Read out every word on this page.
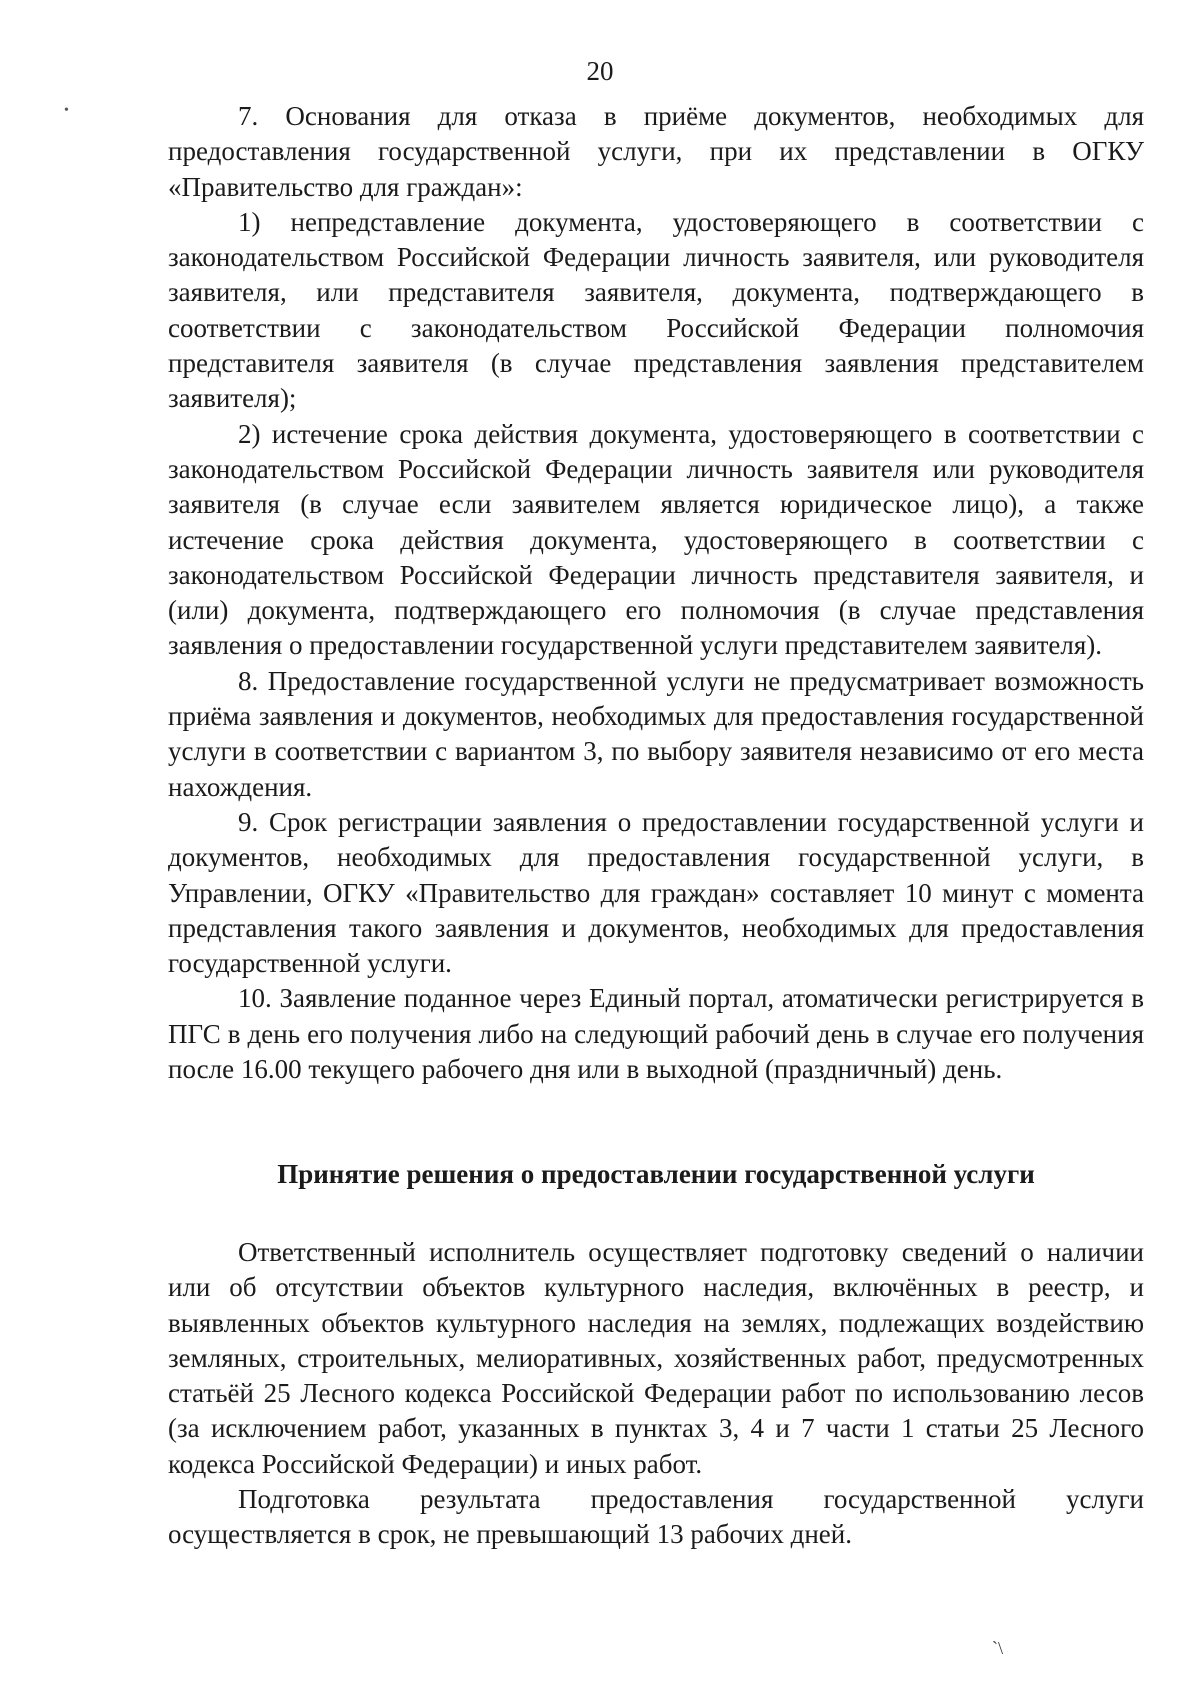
•
20

7. Основания для отказа в приёме документов, необходимых для предоставления государственной услуги, при их представлении в ОГКУ «Правительство для граждан»:

1) непредставление документа, удостоверяющего в соответствии с законодательством Российской Федерации личность заявителя, или руководителя заявителя, или представителя заявителя, документа, подтверждающего в соответствии с законодательством Российской Федерации полномочия представителя заявителя (в случае представления заявления представителем заявителя);

2) истечение срока действия документа, удостоверяющего в соответствии с законодательством Российской Федерации личность заявителя или руководителя заявителя (в случае если заявителем является юридическое лицо), а также истечение срока действия документа, удостоверяющего в соответствии с законодательством Российской Федерации личность представителя заявителя, и (или) документа, подтверждающего его полномочия (в случае представления заявления о предоставлении государственной услуги представителем заявителя).

8. Предоставление государственной услуги не предусматривает возможность приёма заявления и документов, необходимых для предоставления государственной услуги в соответствии с вариантом 3, по выбору заявителя независимо от его места нахождения.

9. Срок регистрации заявления о предоставлении государственной услуги и документов, необходимых для предоставления государственной услуги, в Управлении, ОГКУ «Правительство для граждан» составляет 10 минут с момента представления такого заявления и документов, необходимых для предоставления государственной услуги.

10. Заявление поданное через Единый портал, атоматически регистрируется в ПГС в день его получения либо на следующий рабочий день в случае его получения после 16.00 текущего рабочего дня или в выходной (праздничный) день.

Принятие решения о предоставлении государственной услуги

Ответственный исполнитель осуществляет подготовку сведений о наличии или об отсутствии объектов культурного наследия, включённых в реестр, и выявленных объектов культурного наследия на землях, подлежащих воздействию земляных, строительных, мелиоративных, хозяйственных работ, предусмотренных статьёй 25 Лесного кодекса Российской Федерации работ по использованию лесов (за исключением работ, указанных в пунктах 3, 4 и 7 части 1 статьи 25 Лесного кодекса Российской Федерации) и иных работ.

Подготовка результата предоставления государственной услуги осуществляется в срок, не превышающий 13 рабочих дней.

ˋ\
